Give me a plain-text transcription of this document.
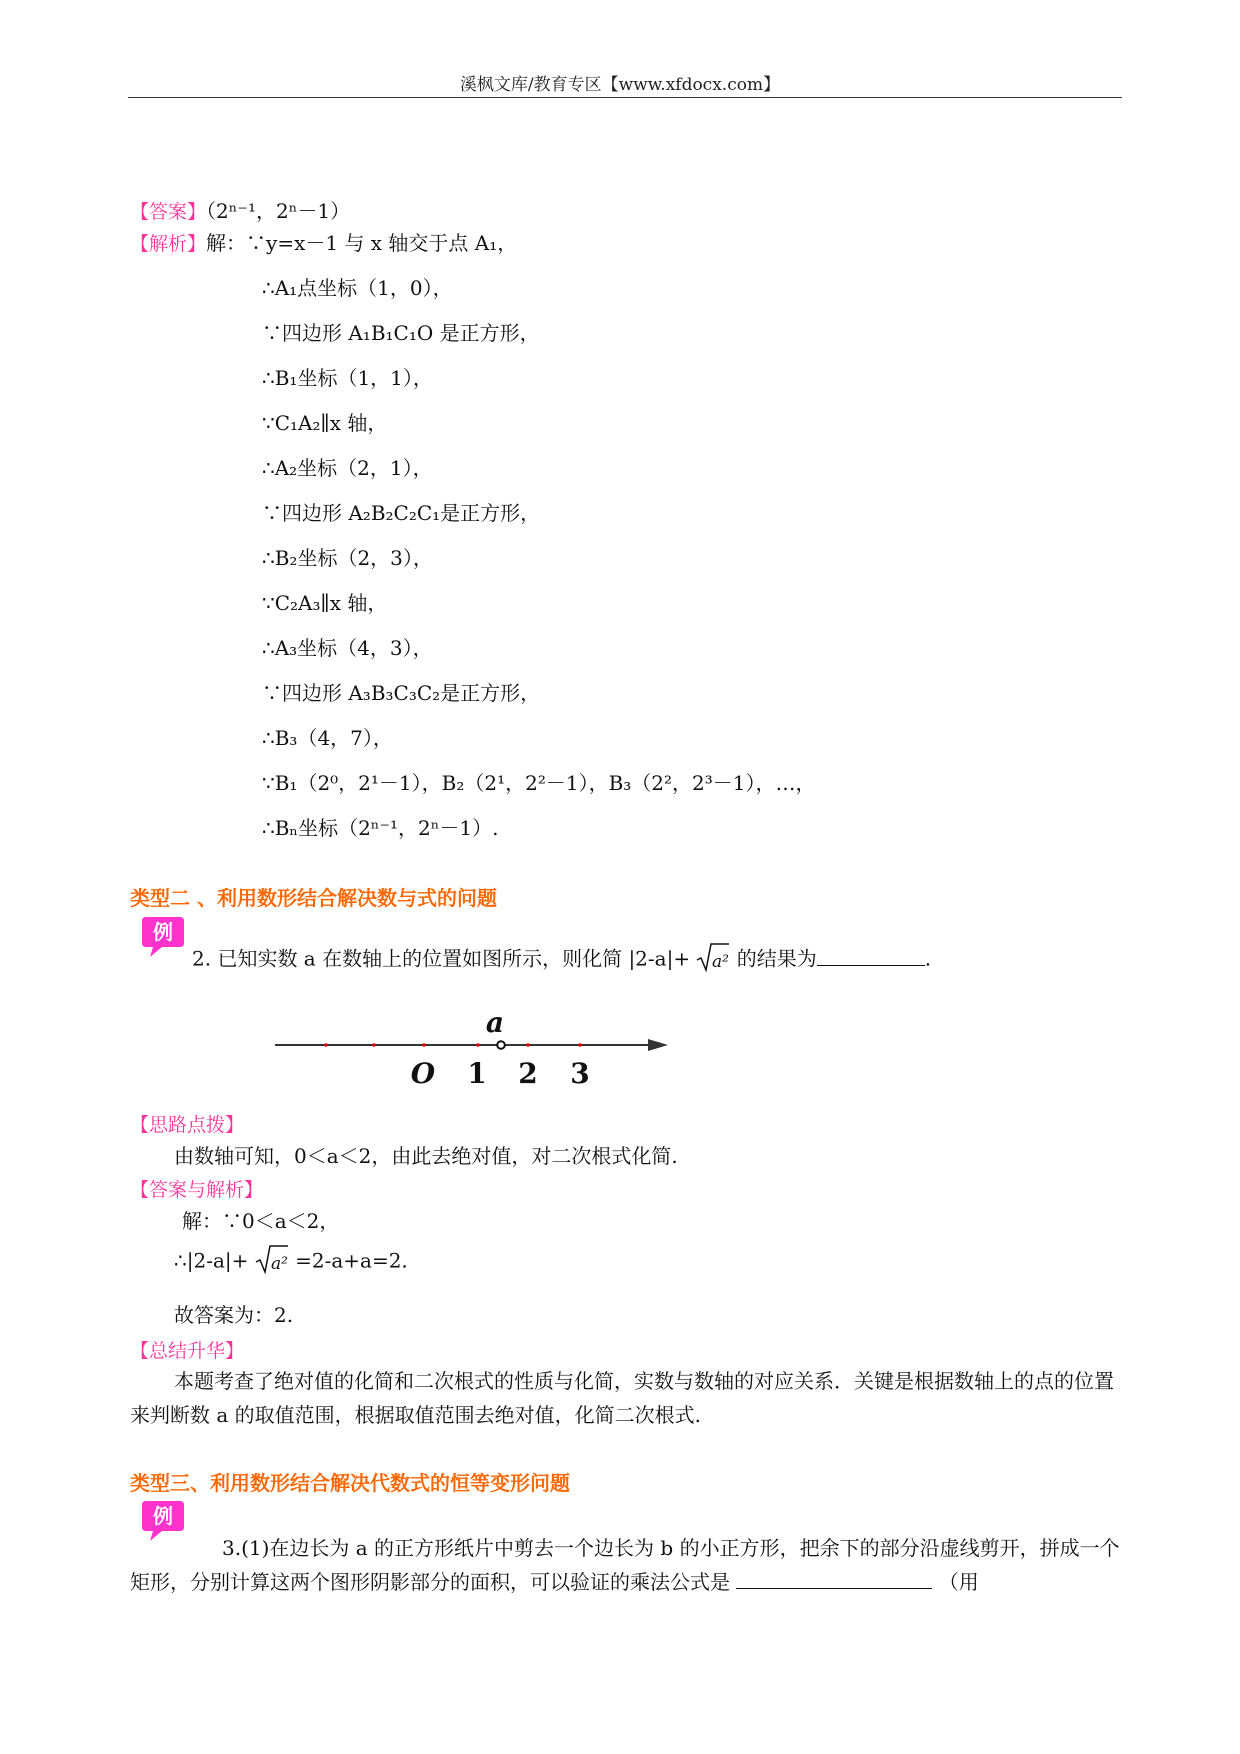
溪枫文库/教育专区【www.xfdocx.com】
【答案】（2ⁿ⁻¹，2ⁿ－1）
【解析】解：∵y=x－1 与 x 轴交于点 A₁，
∴A₁点坐标（1，0），
∵四边形 A₁B₁C₁O 是正方形，
∴B₁坐标（1，1），
∵C₁A₂∥x 轴，
∴A₂坐标（2，1），
∵四边形 A₂B₂C₂C₁是正方形，
∴B₂坐标（2，3），
∵C₂A₃∥x 轴，
∴A₃坐标（4，3），
∵四边形 A₃B₃C₃C₂是正方形，
∴B₃（4，7），
∵B₁（2⁰，2¹－1），B₂（2¹，2²－1），B₃（2²，2³－1），…，
∴Bₙ坐标（2ⁿ⁻¹，2ⁿ－1）.
类型二 、利用数形结合解决数与式的问题
例
2. 已知实数 a 在数轴上的位置如图所示，则化简 |2-a|+ a² 的结果为	.
a
O 1 2 3
【思路点拨】
由数轴可知，0＜a＜2，由此去绝对值，对二次根式化简.
【答案与解析】
解：∵0＜a＜2，
∴|2-a|+ a² =2-a+a=2.
故答案为：2.
【总结升华】
本题考查了绝对值的化简和二次根式的性质与化简，实数与数轴的对应关系．关键是根据数轴上的点的位置来判断数 a 的取值范围，根据取值范围去绝对值，化简二次根式.
类型三、利用数形结合解决代数式的恒等变形问题
例
3.(1)在边长为 a 的正方形纸片中剪去一个边长为 b 的小正方形，把余下的部分沿虚线剪开，拼成一个矩形，分别计算这两个图形阴影部分的面积，可以验证的乘法公式是	（用
